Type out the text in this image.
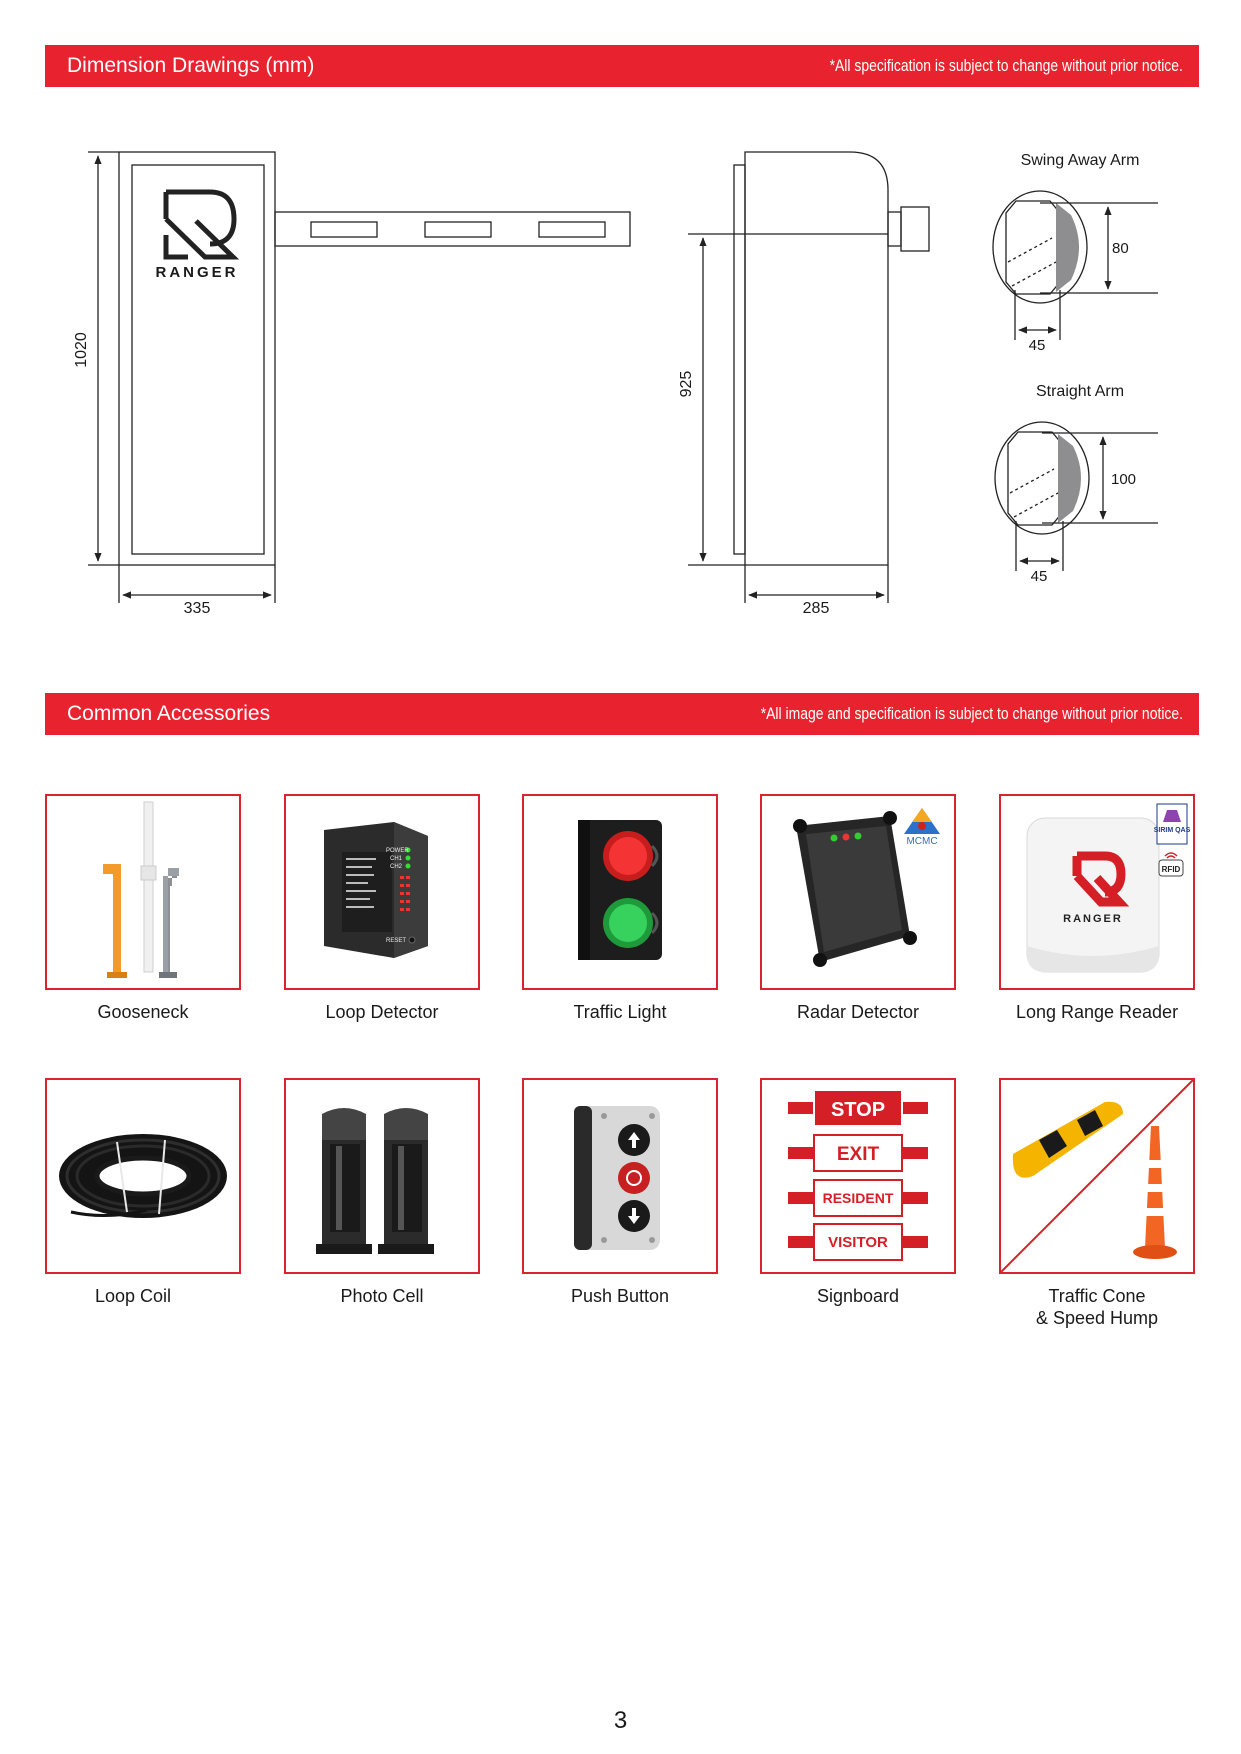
Dimension Drawings (mm)	*All specification is subject to change without prior notice.
RANGER
1020
335
925
285
Swing Away Arm
80
45
Straight Arm
100
45
Common Accessories	*All image and specification is subject to change without prior notice.
Gooseneck
POWER
CH1
CH2
RESET
Loop Detector	Traffic Light
MCMC
Radar Detector
RANGER
SIRIM QAS
RFID
Long Range Reader
Loop Coil	Photo Cell	Push Button
STOP
EXIT
RESIDENT
VISITOR
Signboard	Traffic Cone
& Speed Hump
3
